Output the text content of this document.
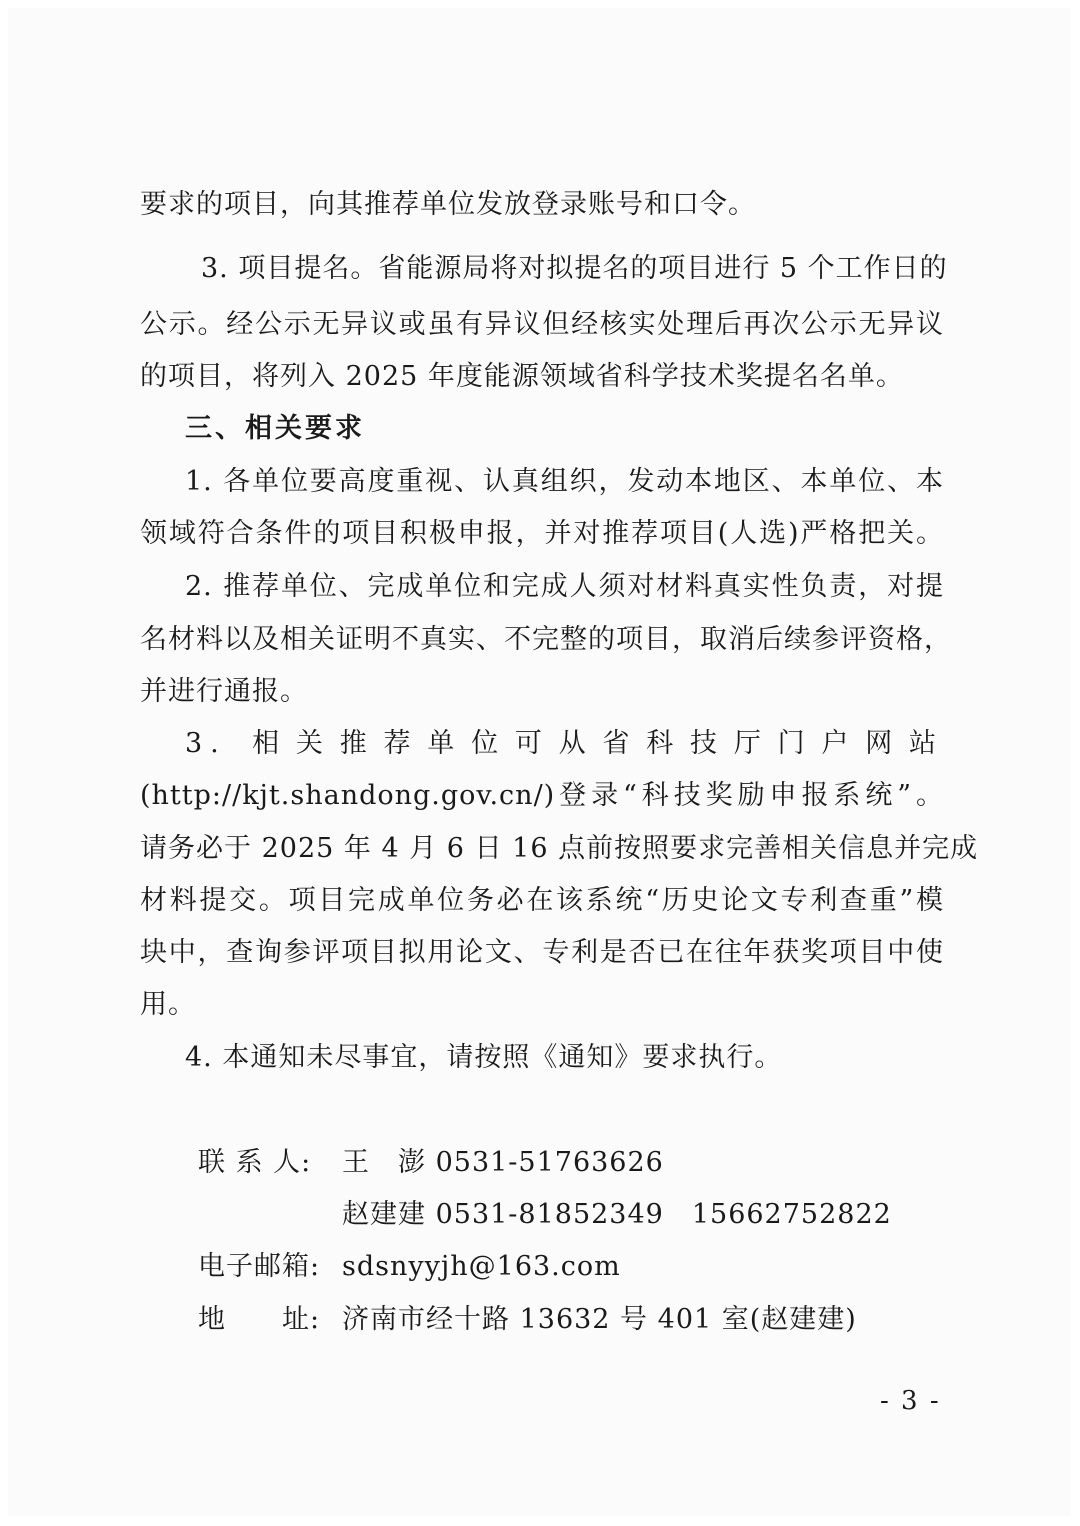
要求的项目，向其推荐单位发放登录账号和口令。
3. 项目提名。省能源局将对拟提名的项目进行 5 个工作日的
公示。经公示无异议或虽有异议但经核实处理后再次公示无异议
的项目，将列入 2025 年度能源领域省科学技术奖提名名单。
三、相关要求
1. 各单位要高度重视、认真组织，发动本地区、本单位、本
领域符合条件的项目积极申报，并对推荐项目(人选)严格把关。
2. 推荐单位、完成单位和完成人须对材料真实性负责，对提
名材料以及相关证明不真实、不完整的项目，取消后续参评资格，
并进行通报。
3. 相关推荐单位可从省科技厅门户网站
(http://kjt.shandong.gov.cn/)登录“科技奖励申报系统”。
请务必于 2025 年 4 月 6 日 16 点前按照要求完善相关信息并完成
材料提交。项目完成单位务必在该系统“历史论文专利查重”模
块中，查询参评项目拟用论文、专利是否已在往年获奖项目中使
用。
4. 本通知未尽事宜，请按照《通知》要求执行。
联 系 人: 王　澎 0531-51763626
赵建建 0531-81852349　15662752822
电子邮箱: sdsnyyjh@163.com
地　　址: 济南市经十路 13632 号 401 室(赵建建)
- 3 -
